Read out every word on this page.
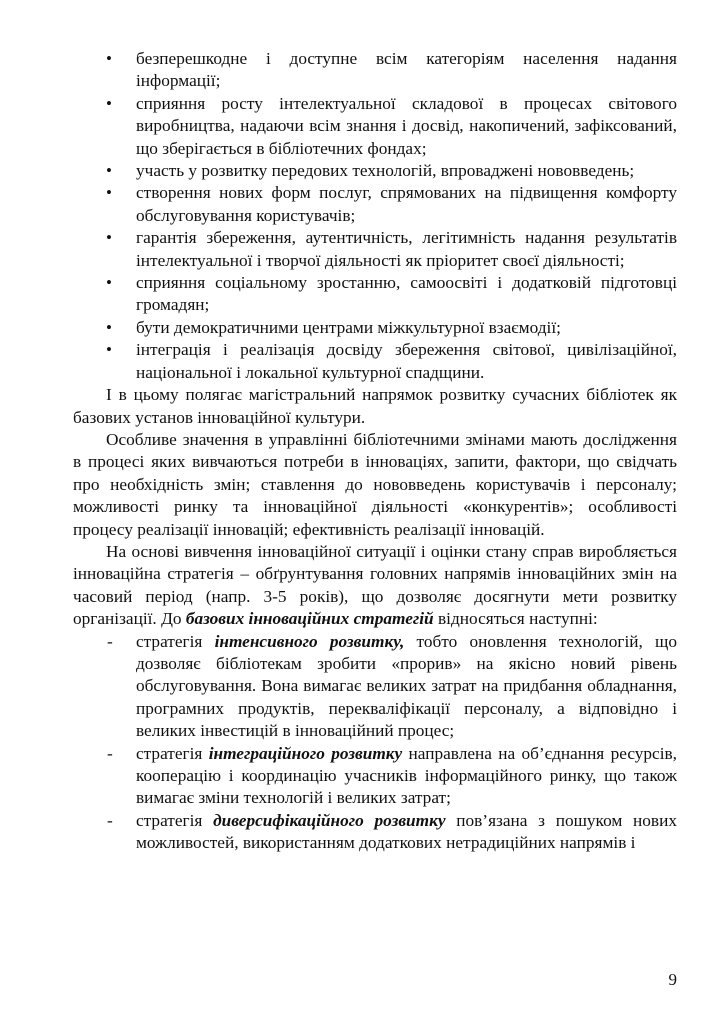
• безперешкодне і доступне всім категоріям населення надання інформації;
• сприяння росту інтелектуальної складової в процесах світового виробництва, надаючи всім знання і досвід, накопичений, зафіксований, що зберігається в бібліотечних фондах;
• участь у розвитку передових технологій, впроваджені нововведень;
• створення нових форм послуг, спрямованих на підвищення комфорту обслуговування користувачів;
• гарантія збереження, аутентичність, легітимність надання результатів інтелектуальної і творчої діяльності як пріоритет своєї діяльності;
• сприяння соціальному зростанню, самоосвіті і додатковій підготовці громадян;
• бути демократичними центрами міжкультурної взаємодії;
• інтеграція і реалізація досвіду збереження світової, цивілізаційної, національної і локальної культурної спадщини.

І в цьому полягає магістральний напрямок розвитку сучасних бібліотек як базових установ інноваційної культури.

Особливе значення в управлінні бібліотечними змінами мають дослідження в процесі яких вивчаються потреби в інноваціях, запити, фактори, що свідчать про необхідність змін; ставлення до нововведень користувачів і персоналу; можливості ринку та інноваційної діяльності «конкурентів»; особливості процесу реалізації інновацій; ефективність реалізації інновацій.

На основі вивчення інноваційної ситуації і оцінки стану справ виробляється інноваційна стратегія – обґрунтування головних напрямів інноваційних змін на часовий період (напр. 3-5 років), що дозволяє досягнути мети розвитку організації. До базових інноваційних стратегій відносяться наступні:

- стратегія інтенсивного розвитку, тобто оновлення технологій, що дозволяє бібліотекам зробити «прорив» на якісно новий рівень обслуговування. Вона вимагає великих затрат на придбання обладнання, програмних продуктів, перекваліфікації персоналу, а відповідно і великих інвестицій в інноваційний процес;
- стратегія інтеграційного розвитку направлена на об’єднання ресурсів, кооперацію і координацію учасників інформаційного ринку, що також вимагає зміни технологій і великих затрат;
- стратегія диверсифікаційного розвитку пов’язана з пошуком нових можливостей, використанням додаткових нетрадиційних напрямів і
9
